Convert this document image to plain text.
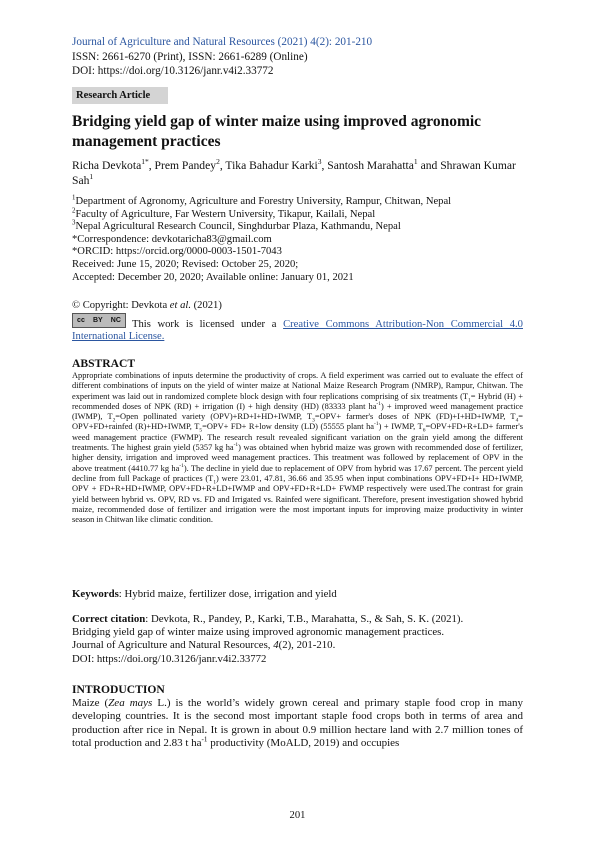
Journal of Agriculture and Natural Resources (2021) 4(2): 201-210
ISSN: 2661-6270 (Print), ISSN: 2661-6289 (Online)
DOI: https://doi.org/10.3126/janr.v4i2.33772
Research Article
Bridging yield gap of winter maize using improved agronomic management practices
Richa Devkota$^{1*}$, Prem Pandey$^2$, Tika Bahadur Karki$^3$, Santosh Marahatta$^1$ and Shrawan Kumar Sah$^1$
$^1$Department of Agronomy, Agriculture and Forestry University, Rampur, Chitwan, Nepal
$^2$Faculty of Agriculture, Far Western University, Tikapur, Kailali, Nepal
$^3$Nepal Agricultural Research Council, Singhdurbar Plaza, Kathmandu, Nepal
*Correspondence: devkotaricha83@gmail.com
*ORCID: https://orcid.org/0000-0003-1501-7043
Received: June 15, 2020; Revised: October 25, 2020;
Accepted: December 20, 2020; Available online: January 01, 2021
© Copyright: Devkota et al. (2021)
cc BY NC	This work is licensed under a Creative Commons Attribution-Non Commercial 4.0 International License.
ABSTRACT
Appropriate combinations of inputs determine the productivity of crops. A field experiment was carried out to evaluate the effect of different combinations of inputs on the yield of winter maize at National Maize Research Program (NMRP), Rampur, Chitwan. The experiment was laid out in randomized complete block design with four replications comprising of six treatments ($T_1=$ Hybrid (H) + recommended doses of NPK (RD) + irrigation (I) + high density (HD) (83333 plant $ha^{-1}$) + improved weed management practice (IWMP), $T_2=Open$ pollinated variety (OPV)+RD+I+HD+IWMP, $T_3=OPV+$ farmer's doses of NPK (FD)+I+HD+IWMP, $T_4=$ OPV+FD+rainfed (R)+HD+IWMP, $T_5=OPV+ FD+ R+low$ density (LD) (55555 plant $ha^{-1}$) + IWMP, $T_6=OPV+FD+R+LD+$ farmer's weed management practice (FWMP). The research result revealed significant variation on the grain yield among the different treatments. The highest grain yield (5357 kg $ha^{-1}$) was obtained when hybrid maize was grown with recommended dose of fertilizer, higher density, irrigation and improved weed management practices. This treatment was followed by replacement of OPV in the above treatment (4410.77 kg $ha^{-1}$). The decline in yield due to replacement of OPV from hybrid was 17.67 percent. The percent yield decline from full Package of practices $(T_1)$ were 23.01, 47.81, 36.66 and 35.95 when input combinations OPV+FD+I+ HD+IWMP, OPV + FD+R+HD+IWMP, OPV+FD+R+LD+IWMP and OPV+FD+R+LD+ FWMP respectively were used.The contrast for grain yield between hybrid vs. OPV, RD vs. FD and Irrigated vs. Rainfed were significant. Therefore, present investigation showed hybrid maize, recommended dose of fertilizer and irrigation were the most important inputs for improving maize productivity in winter season in Chitwan like climatic condition.
Keywords: Hybrid maize, fertilizer dose, irrigation and yield
Correct citation: Devkota, R., Pandey, P., Karki, T.B., Marahatta, S., & Sah, S. K. (2021).
Bridging yield gap of winter maize using improved agronomic management practices.
Journal of Agriculture and Natural Resources, 4(2), 201-210.
DOI: https://doi.org/10.3126/janr.v4i2.33772
INTRODUCTION
Maize (Zea mays L.) is the world’s widely grown cereal and primary staple food crop in many developing countries. It is the second most important staple food crops both in terms of area and production after rice in Nepal. It is grown in about 0.9 million hectare land with 2.7 million tones of total production and 2.83 t $ha^{-1}$ productivity (MoALD, 2019) and occupies
201
